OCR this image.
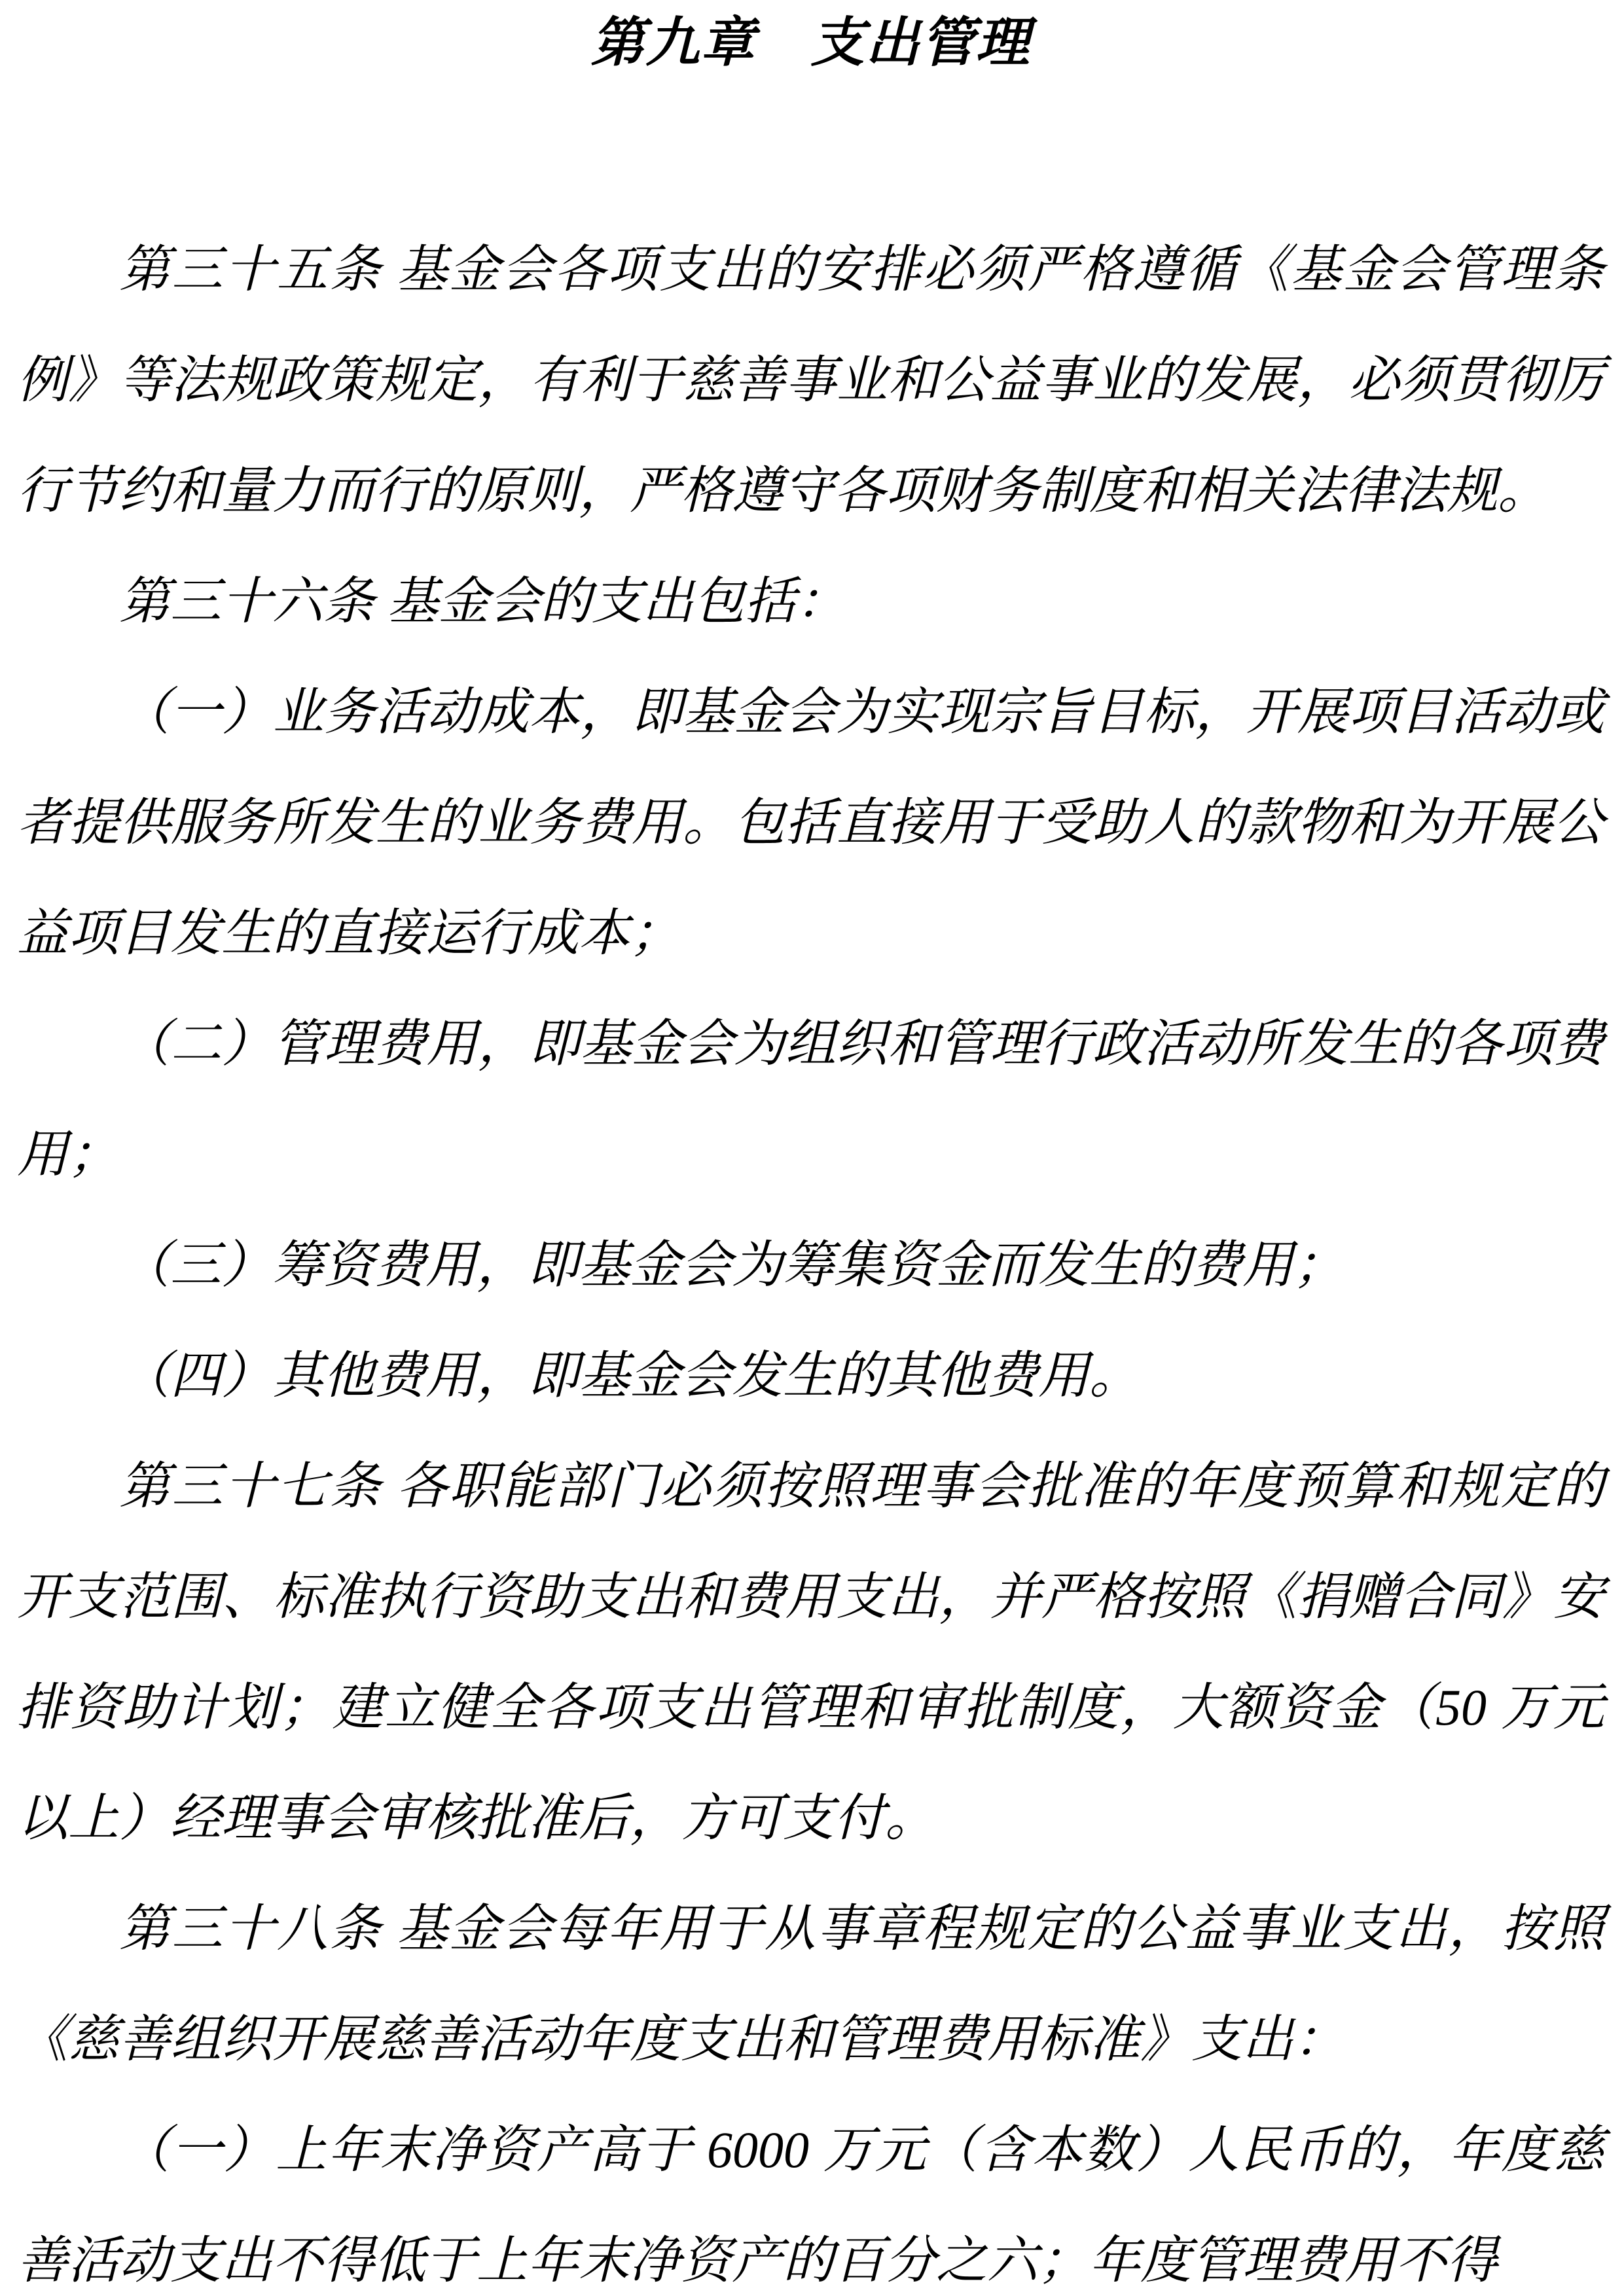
第九章　支出管理

第三十五条 基金会各项支出的安排必须严格遵循《基金会管理条例》等法规政策规定，有利于慈善事业和公益事业的发展，必须贯彻厉行节约和量力而行的原则，严格遵守各项财务制度和相关法律法规。

第三十六条 基金会的支出包括：

（一）业务活动成本，即基金会为实现宗旨目标，开展项目活动或者提供服务所发生的业务费用。包括直接用于受助人的款物和为开展公益项目发生的直接运行成本；

（二）管理费用，即基金会为组织和管理行政活动所发生的各项费用；

（三）筹资费用，即基金会为筹集资金而发生的费用；

（四）其他费用，即基金会发生的其他费用。

第三十七条 各职能部门必须按照理事会批准的年度预算和规定的开支范围、标准执行资助支出和费用支出，并严格按照《捐赠合同》安排资助计划；建立健全各项支出管理和审批制度，大额资金（50 万元以上）经理事会审核批准后，方可支付。

第三十八条 基金会每年用于从事章程规定的公益事业支出，按照《慈善组织开展慈善活动年度支出和管理费用标准》支出：

（一）上年末净资产高于 6000 万元（含本数）人民币的，年度慈善活动支出不得低于上年末净资产的百分之六；年度管理费用不得
